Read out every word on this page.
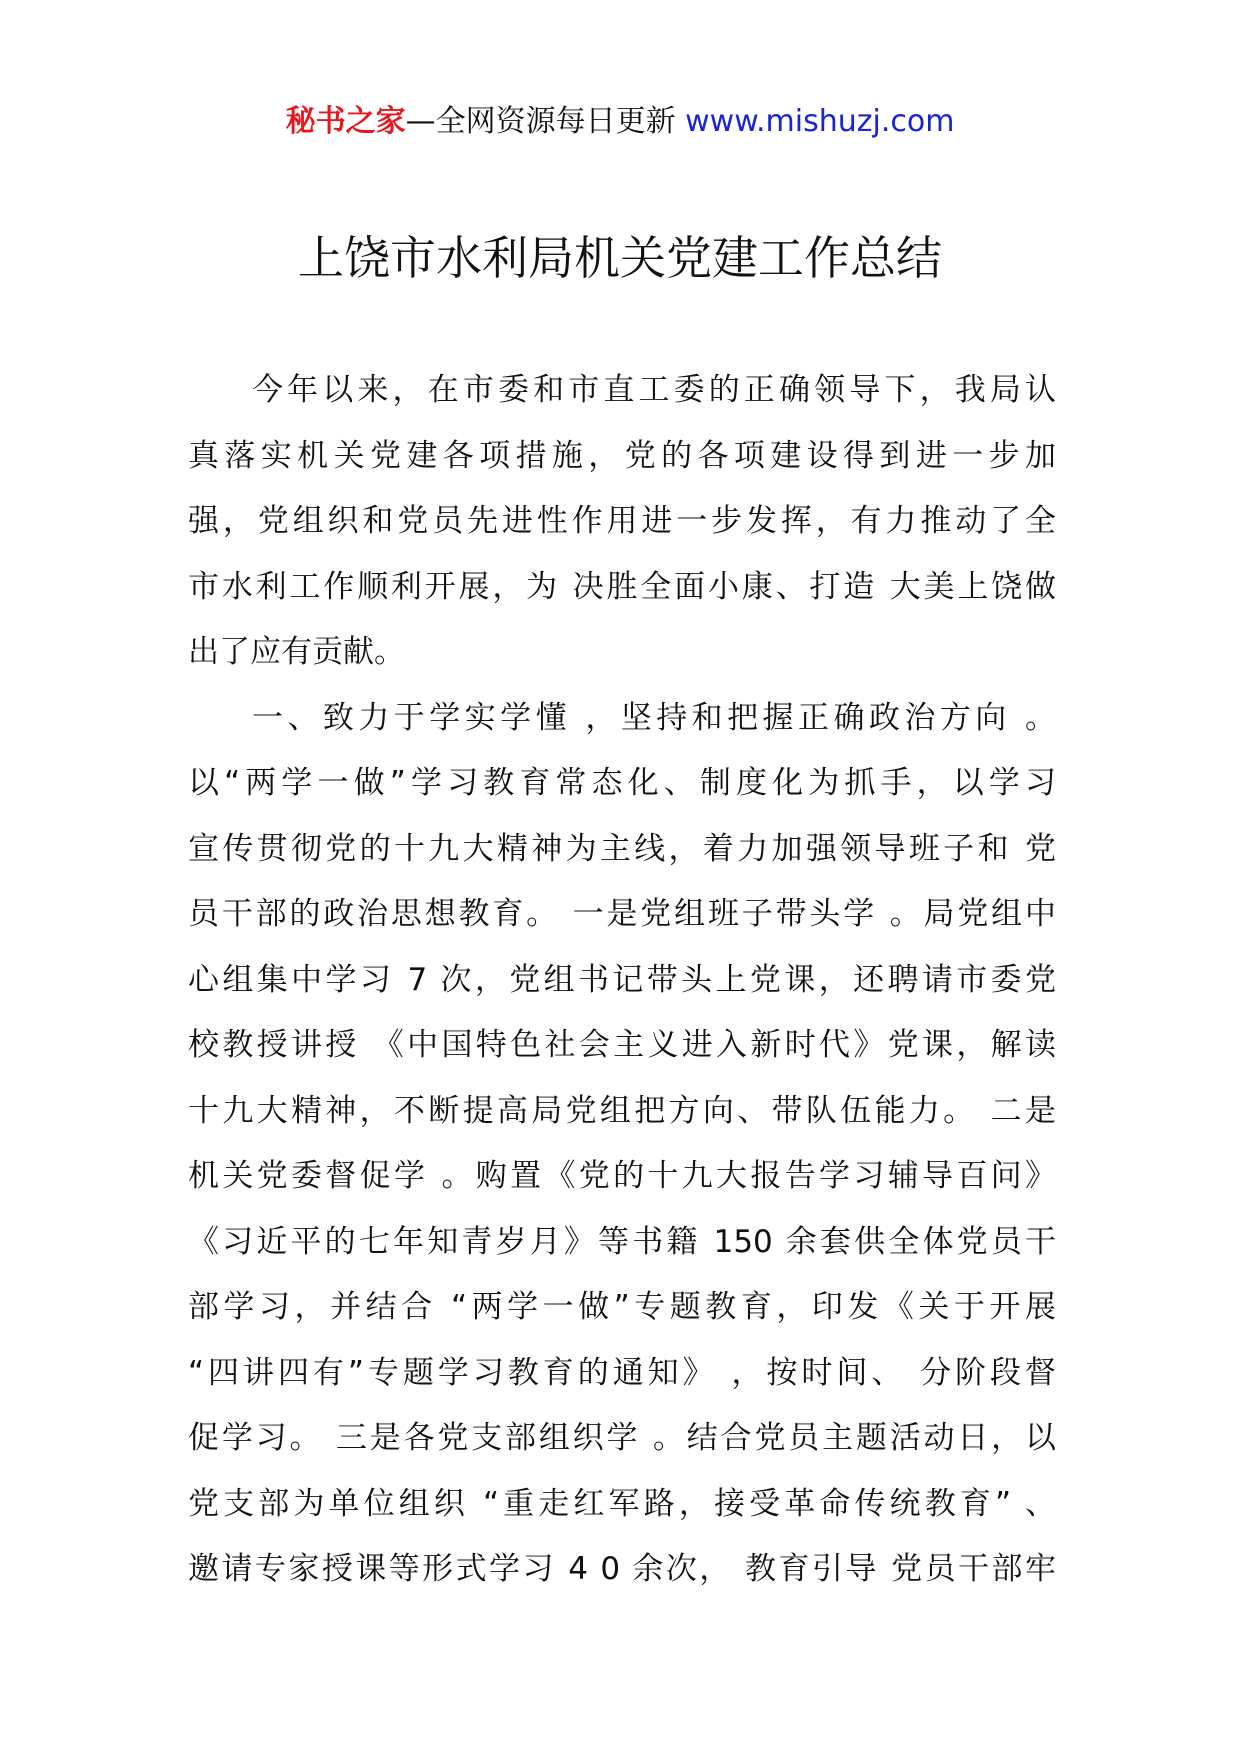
秘书之家—全网资源每日更新 www.mishuzj.com
上饶市水利局机关党建工作总结
今年以来，在市委和市直工委的正确领导下，我局认
真落实机关党建各项措施，党的各项建设得到进一步加
强，党组织和党员先进性作用进一步发挥，有力推动了全
市水利工作顺利开展，为 决胜全面小康、打造 大美上饶做
出了应有贡献。
一、致力于学实学懂 ，坚持和把握正确政治方向 。
以“两学一做”学习教育常态化、制度化为抓手，以学习
宣传贯彻党的十九大精神为主线，着力加强领导班子和 党
员干部的政治思想教育。 一是党组班子带头学 。局党组中
心组集中学习 7 次，党组书记带头上党课，还聘请市委党
校教授讲授 《中国特色社会主义进入新时代》党课，解读
十九大精神，不断提高局党组把方向、带队伍能力。 二是
机关党委督促学 。购置《党的十九大报告学习辅导百问》
《习近平的七年知青岁月》等书籍 150 余套供全体党员干
部学习，并结合 “两学一做”专题教育，印发《关于开展
“四讲四有”专题学习教育的通知》 ，按时间、 分阶段督
促学习。 三是各党支部组织学 。结合党员主题活动日，以
党支部为单位组织 “重走红军路，接受革命传统教育” 、
邀请专家授课等形式学习 4 0 余次， 教育引导 党员干部牢
